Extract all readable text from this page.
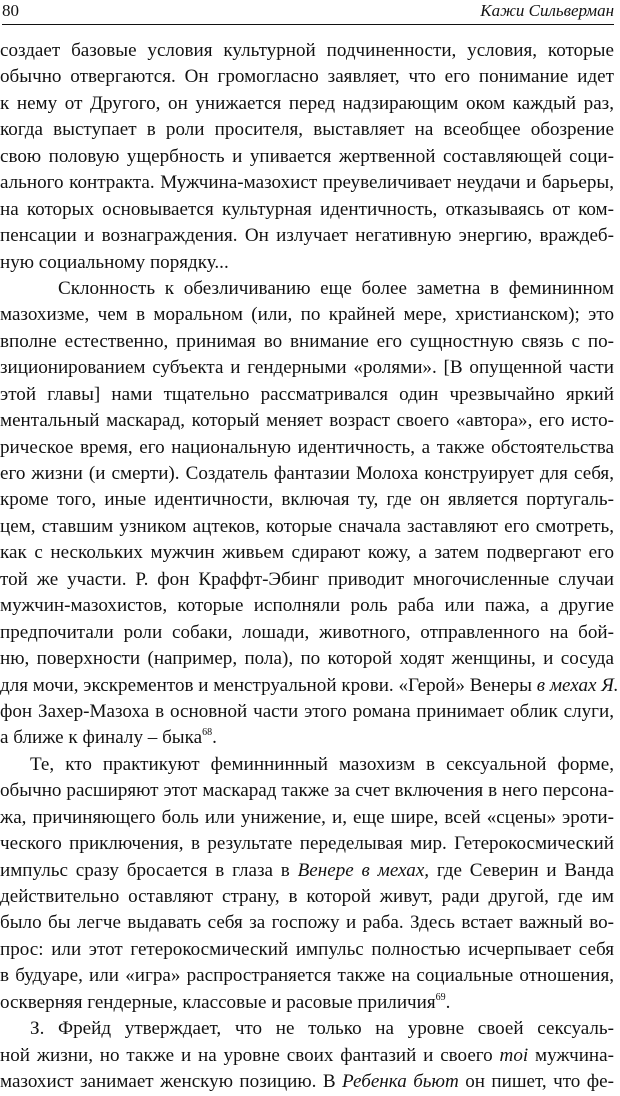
80	Кажи Сильверман
создает базовые условия культурной подчиненности, условия, которые
обычно отвергаются. Он громогласно заявляет, что его понимание идет
к нему от Другого, он унижается перед надзирающим оком каждый раз,
когда выступает в роли просителя, выставляет на всеобщее обозрение
свою половую ущербность и упивается жертвенной составляющей соци-
ального контракта. Мужчина-мазохист преувеличивает неудачи и барьеры,
на которых основывается культурная идентичность, отказываясь от ком-
пенсации и вознаграждения. Он излучает негативную энергию, враждеб-
ную социальному порядку...
Склонность к обезличиванию еще более заметна в фемининном
мазохизме, чем в моральном (или, по крайней мере, христианском); это
вполне естественно, принимая во внимание его сущностную связь с по-
зиционированием субъекта и гендерными «ролями». [В опущенной части
этой главы] нами тщательно рассматривался один чрезвычайно яркий
ментальный маскарад, который меняет возраст своего «автора», его истo-
рическое время, его национальную идентичность, а также обстоятельства
его жизни (и смерти). Создатель фантазии Молоха конструирует для себя,
кроме того, иные идентичности, включая ту, где он является португаль-
цем, ставшим узником ацтеков, которые сначала заставляют его смотреть,
как с нескольких мужчин живьем сдирают кожу, а затем подвергают его
той же участи. Р. фон Краффт-Эбинг приводит многочисленные случаи
мужчин-мазохистов, которые исполняли роль раба или пажа, а другие
предпочитали роли собаки, лошади, животного, отправленного на бой-
ню, поверхности (например, пола), по которой ходят женщины, и сосуда
для мочи, экскрементов и менструальной крови. «Герой» Венеры в мехах Я.
фон Захер-Мазоха в основной части этого романа принимает облик слуги,
а ближе к финалу – быка$^{68}$.
Те, кто практикуют феминнинный мазохизм в сексуальной форме,
обычно расширяют этот маскарад также за счет включения в него персона-
жа, причиняющего боль или унижение, и, еще шире, всей «сцены» эроти-
ческого приключения, в результате переделывая мир. Гетерокосмический
импульс сразу бросается в глаза в Венере в мехах, где Северин и Ванда
действительно оставляют страну, в которой живут, ради другой, где им
было бы легче выдавать себя за госпожу и раба. Здесь встает важный во-
прос: или этот гетерокосмический импульс полностью исчерпывает себя
в будуаре, или «игра» распространяется также на социальные отношения,
оскверняя гендерные, классовые и расовые приличия$^{69}$.
З. Фрейд утверждает, что не только на уровне своей сексуаль-
ной жизни, но также и на уровне своих фантазий и своего moi мужчина-
мазохист занимает женскую позицию. В Ребенка бьют он пишет, что фе-
